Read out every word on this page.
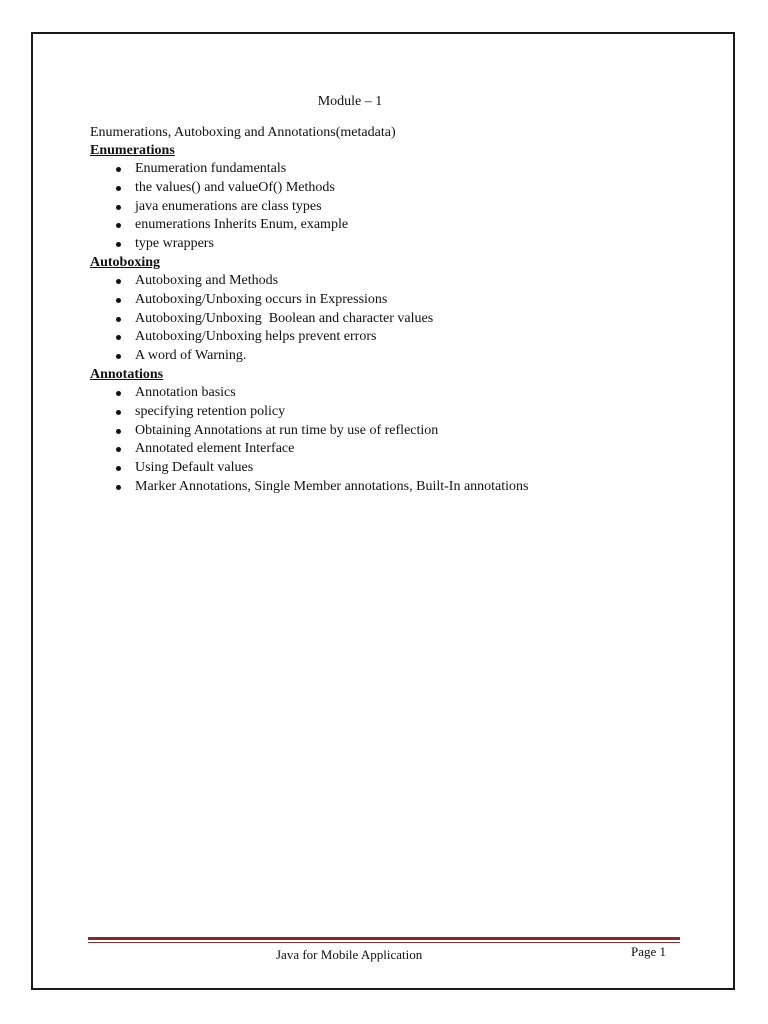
Module – 1
Enumerations, Autoboxing and Annotations(metadata)
Enumerations
Enumeration fundamentals
the values() and valueOf() Methods
java enumerations are class types
enumerations Inherits Enum, example
type wrappers
Autoboxing
Autoboxing and Methods
Autoboxing/Unboxing occurs in Expressions
Autoboxing/Unboxing  Boolean and character values
Autoboxing/Unboxing helps prevent errors
A word of Warning.
Annotations
Annotation basics
specifying retention policy
Obtaining Annotations at run time by use of reflection
Annotated element Interface
Using Default values
Marker Annotations, Single Member annotations, Built-In annotations
Java for Mobile Application	Page 1
